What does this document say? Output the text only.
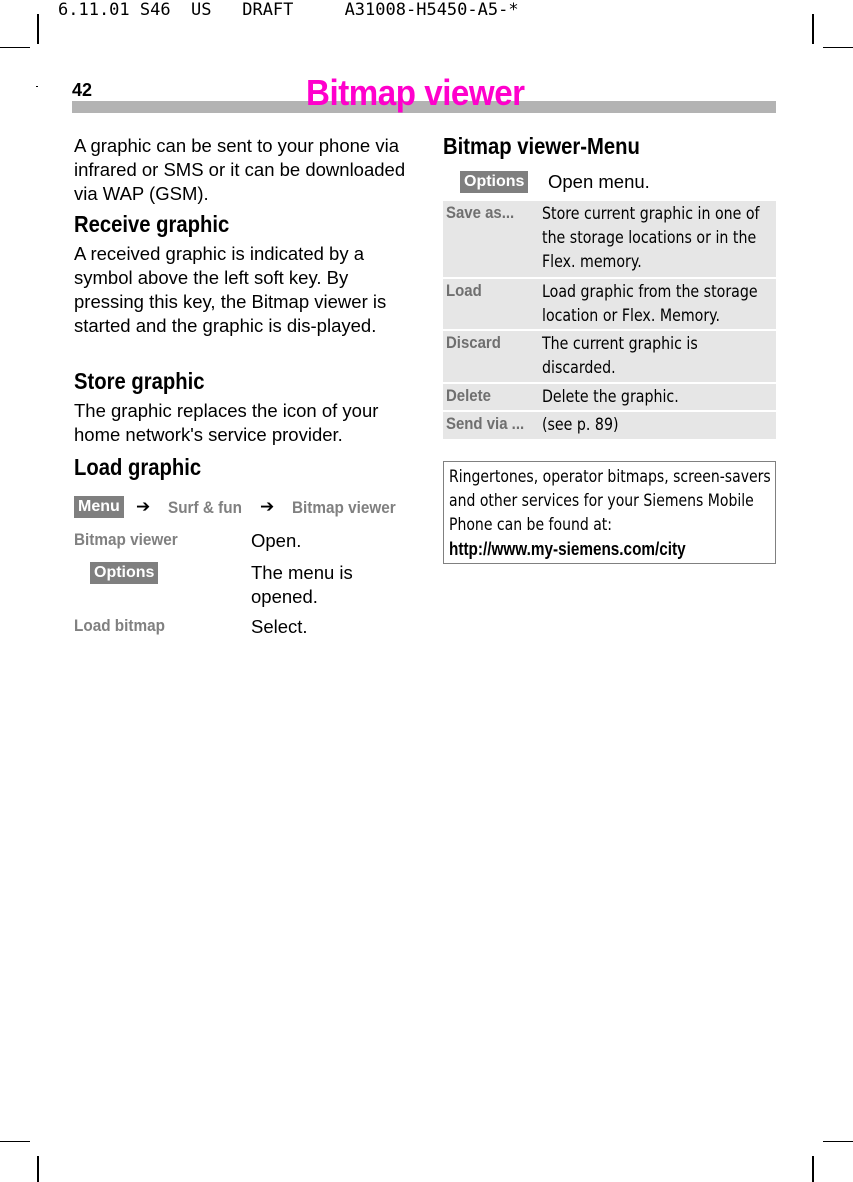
6.11.01 S46  US   DRAFT     A31008-H5450-A5-*
42	Bitmap viewer
A graphic can be sent to your phone via infrared or SMS or it can be downloaded via WAP (GSM).
Receive graphic
A received graphic is indicated by a symbol above the left soft key. By pressing this key, the Bitmap viewer is started and the graphic is dis-played.
Store graphic
The graphic replaces the icon of your home network's service provider.
Load graphic
Menu ➔ Surf & fun ➔ Bitmap viewer
Bitmap viewer	Open.
Options	The menu is opened.
Load bitmap	Select.
Bitmap viewer-Menu
Options Open menu.
Save as... Store current graphic in one of the storage locations or in the Flex. memory.
Load	Load graphic from the storage location or Flex. Memory.
Discard The current graphic is discarded.
Delete	Delete the graphic.
Send via ... (see p. 89)
Ringertones, operator bitmaps, screen-savers and other services for your Siemens Mobile Phone can be found at:
http://www.my-siemens.com/city
